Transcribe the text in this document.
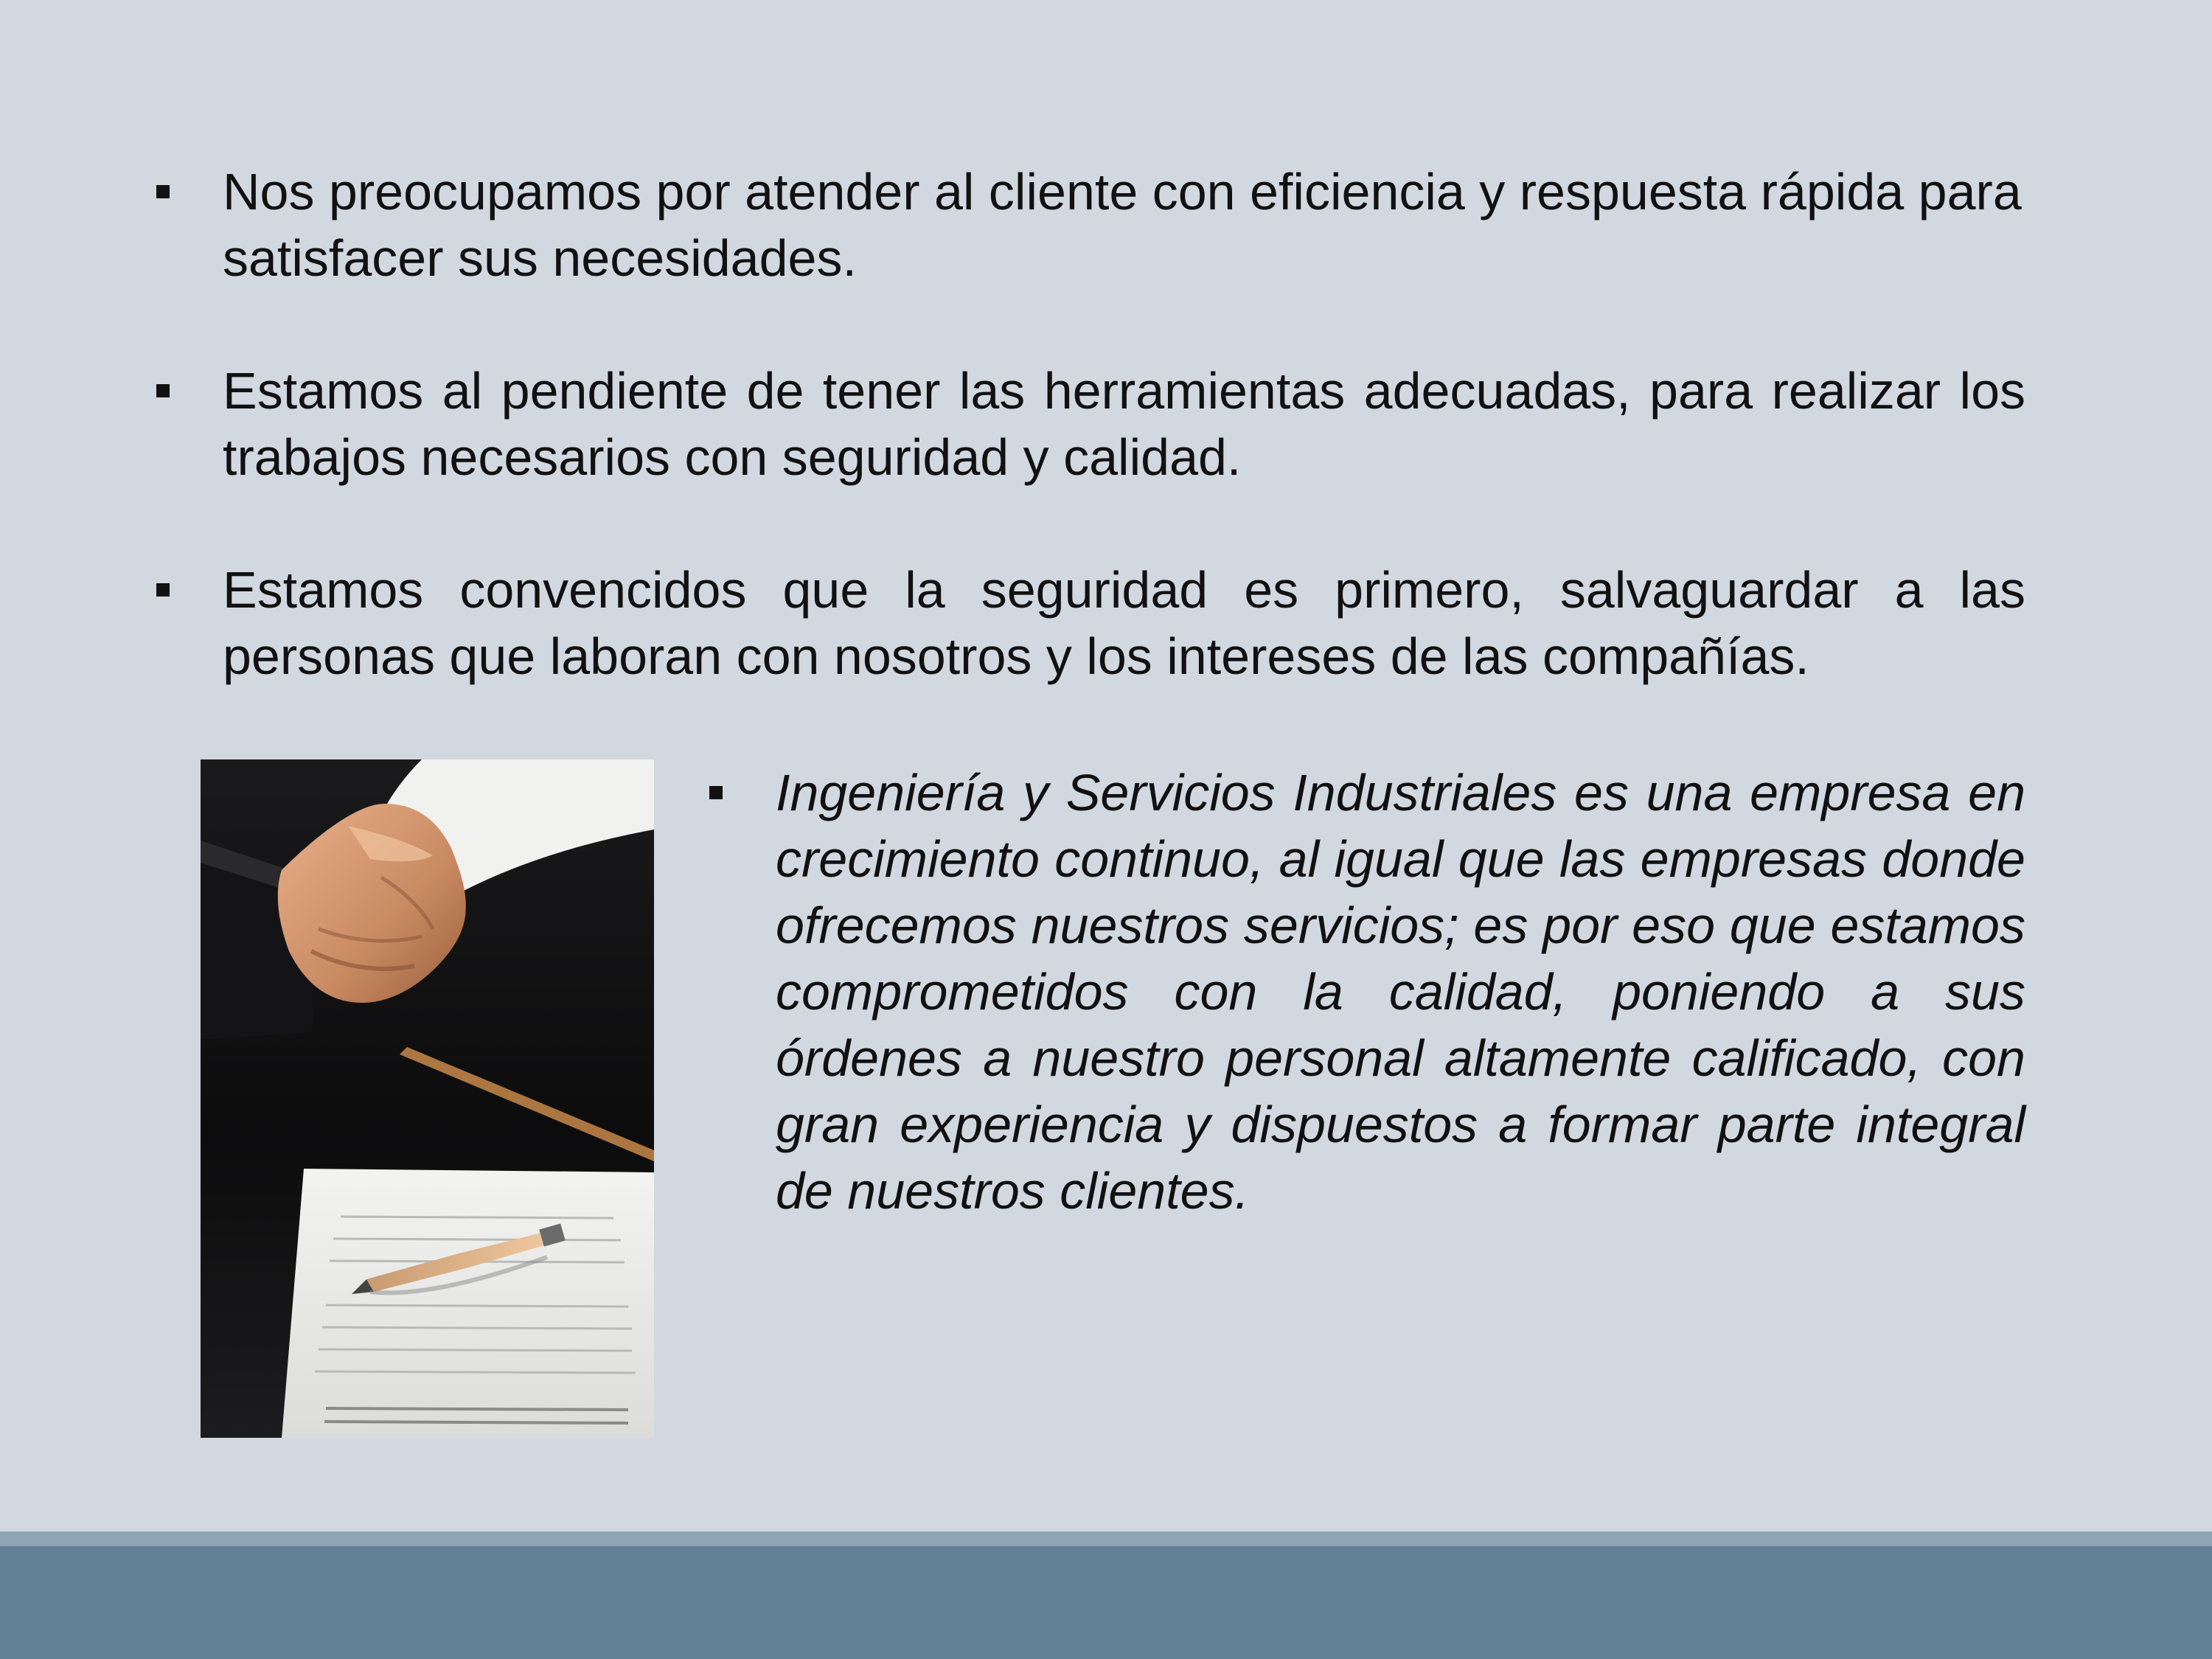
Nos preocupamos por atender al cliente con eficiencia y respuesta rápida para satisfacer sus necesidades.
Estamos al pendiente de tener las herramientas adecuadas, para realizar los trabajos necesarios con seguridad y calidad.
Estamos convencidos que la seguridad es primero, salvaguardar a las personas que laboran con nosotros y los intereses de las compañías.
Ingeniería y Servicios Industriales es una empresa en crecimiento continuo, al igual que las empresas donde ofrecemos nuestros servicios; es por eso que estamos comprometidos con la calidad, poniendo a sus órdenes a nuestro personal altamente calificado, con gran experiencia y dispuestos a formar parte integral de nuestros clientes.
